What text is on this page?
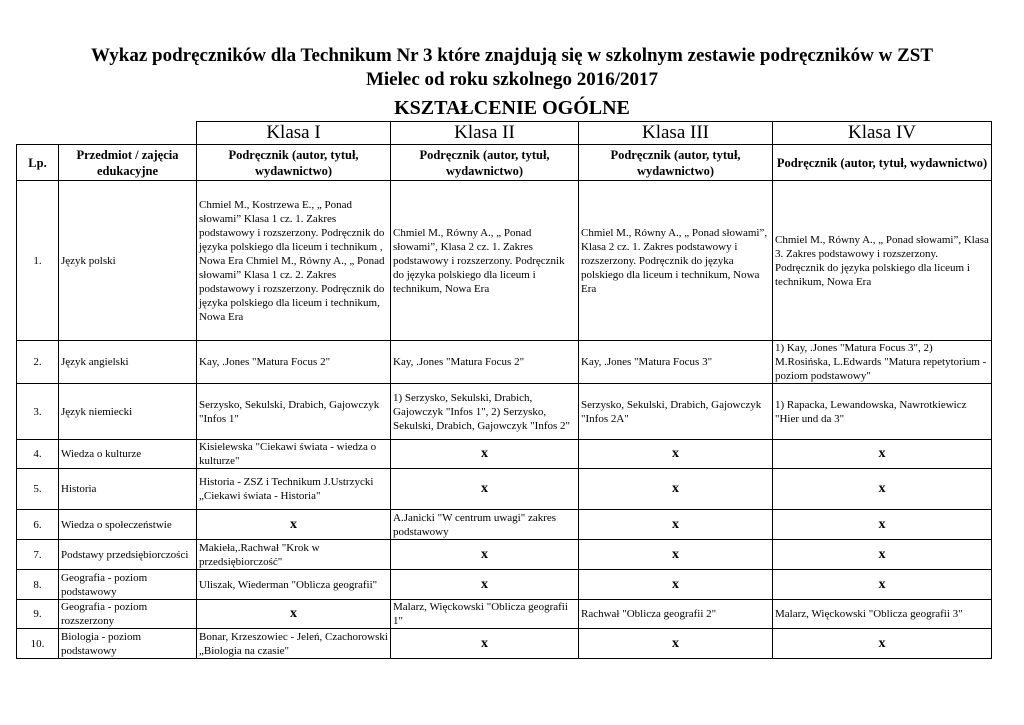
Wykaz podręczników dla Technikum Nr 3 które znajdują się w szkolnym zestawie podręczników w ZST
Mielec od roku szkolnego 2016/2017
KSZTAŁCENIE OGÓLNE
		Klasa I	Klasa II	Klasa III	Klasa IV
Lp.	Przedmiot / zajęcia edukacyjne	Podręcznik (autor, tytuł, wydawnictwo)	Podręcznik (autor, tytuł, wydawnictwo)	Podręcznik (autor, tytuł, wydawnictwo)	Podręcznik (autor, tytuł, wydawnictwo)
1.	Język polski	Chmiel M., Kostrzewa E., „ Ponad słowami” Klasa 1 cz. 1. Zakres podstawowy i rozszerzony. Podręcznik do języka polskiego dla liceum i technikum , Nowa Era Chmiel M., Równy A., „ Ponad słowami” Klasa 1 cz. 2. Zakres podstawowy i rozszerzony. Podręcznik do języka polskiego dla liceum i technikum, Nowa Era	Chmiel M., Równy A., „ Ponad słowami”, Klasa 2 cz. 1. Zakres podstawowy i rozszerzony. Podręcznik do języka polskiego dla liceum i technikum, Nowa Era	Chmiel M., Równy A., „ Ponad słowami”, Klasa 2 cz. 1. Zakres podstawowy i rozszerzony. Podręcznik do języka polskiego dla liceum i technikum, Nowa Era	Chmiel M., Równy A., „ Ponad słowami”, Klasa 3. Zakres podstawowy i rozszerzony. Podręcznik do języka polskiego dla liceum i technikum, Nowa Era
2.	Język angielski	Kay, .Jones "Matura Focus 2"	Kay, .Jones "Matura Focus 2"	Kay, .Jones "Matura Focus 3"	1) Kay, .Jones "Matura Focus 3", 2) M.Rosińska, L.Edwards "Matura repetytorium - poziom podstawowy"
3.	Język niemiecki	Serzysko, Sekulski, Drabich, Gajowczyk "Infos 1"	1) Serzysko, Sekulski, Drabich, Gajowczyk "Infos 1", 2) Serzysko, Sekulski, Drabich, Gajowczyk "Infos 2"	Serzysko, Sekulski, Drabich, Gajowczyk "Infos 2A"	1) Rapacka, Lewandowska, Nawrotkiewicz "Hier und da 3"
4.	Wiedza o kulturze	Kisielewska "Ciekawi świata - wiedza o kulturze"	x	x	x
5.	Historia	Historia - ZSZ i Technikum J.Ustrzycki „Ciekawi świata - Historia"	x	x	x
6.	Wiedza o społeczeństwie	x	A.Janicki "W centrum uwagi" zakres podstawowy	x	x
7.	Podstawy przedsiębiorczości	Makieła,.Rachwał "Krok w przedsiębiorczość"	x	x	x
8.	Geografia - poziom podstawowy	Uliszak, Wiederman "Oblicza geografii"	x	x	x
9.	Geografia - poziom rozszerzony	x	Malarz, Więckowski "Oblicza geografii 1"	Rachwał "Oblicza geografii 2"	Malarz, Więckowski "Oblicza geografii 3"
10.	Biologia - poziom podstawowy	Bonar, Krzeszowiec - Jeleń, Czachorowski „Biologia na czasie"	x	x	x
